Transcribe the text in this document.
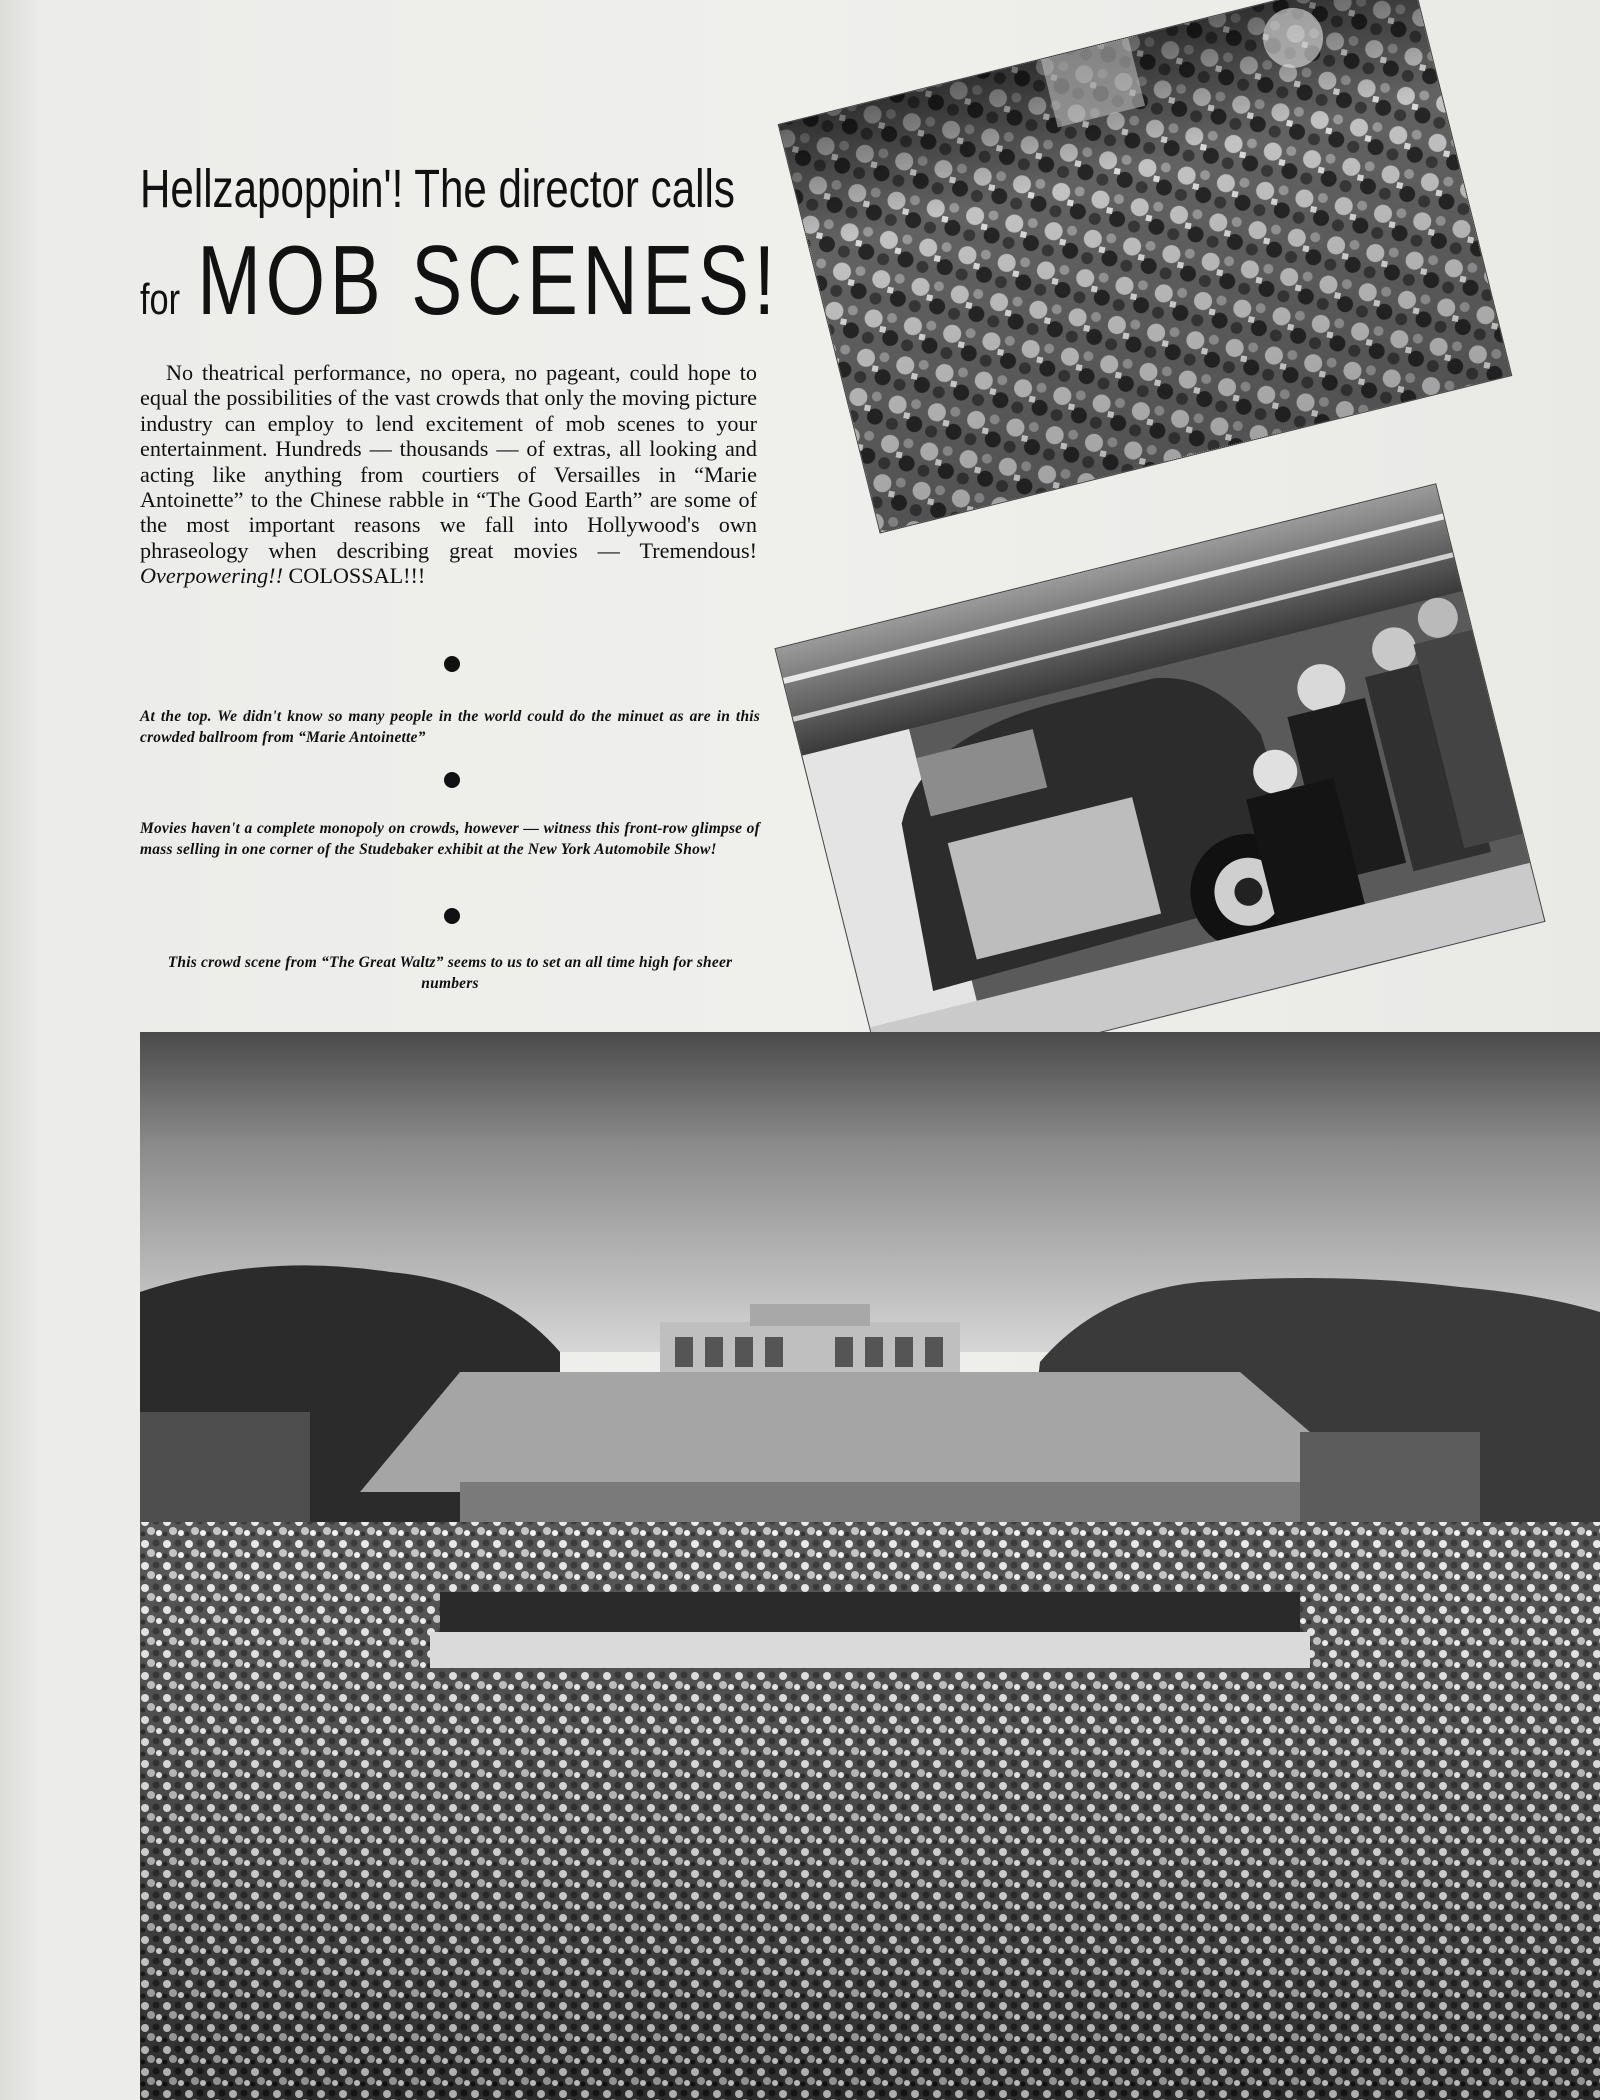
Hellzapoppin'! The director calls
for MOB SCENES!

No theatrical performance, no opera, no pageant, could hope to equal the possibilities of the vast crowds that only the moving picture industry can employ to lend excitement of mob scenes to your entertainment. Hundreds — thousands — of extras, all looking and acting like anything from courtiers of Versailles in “Marie Antoinette” to the Chinese rabble in “The Good Earth” are some of the most important reasons we fall into Hollywood's own phraseology when describing great movies — Tremendous! Overpowering!! COLOSSAL!!!

At the top. We didn't know so many people in the world could do the minuet as are in this crowded ballroom from “Marie Antoinette”

Movies haven't a complete monopoly on crowds, however — witness this front-row glimpse of mass selling in one corner of the Studebaker exhibit at the New York Automobile Show!

This crowd scene from “The Great Waltz” seems to us to set an all time high for sheer numbers
